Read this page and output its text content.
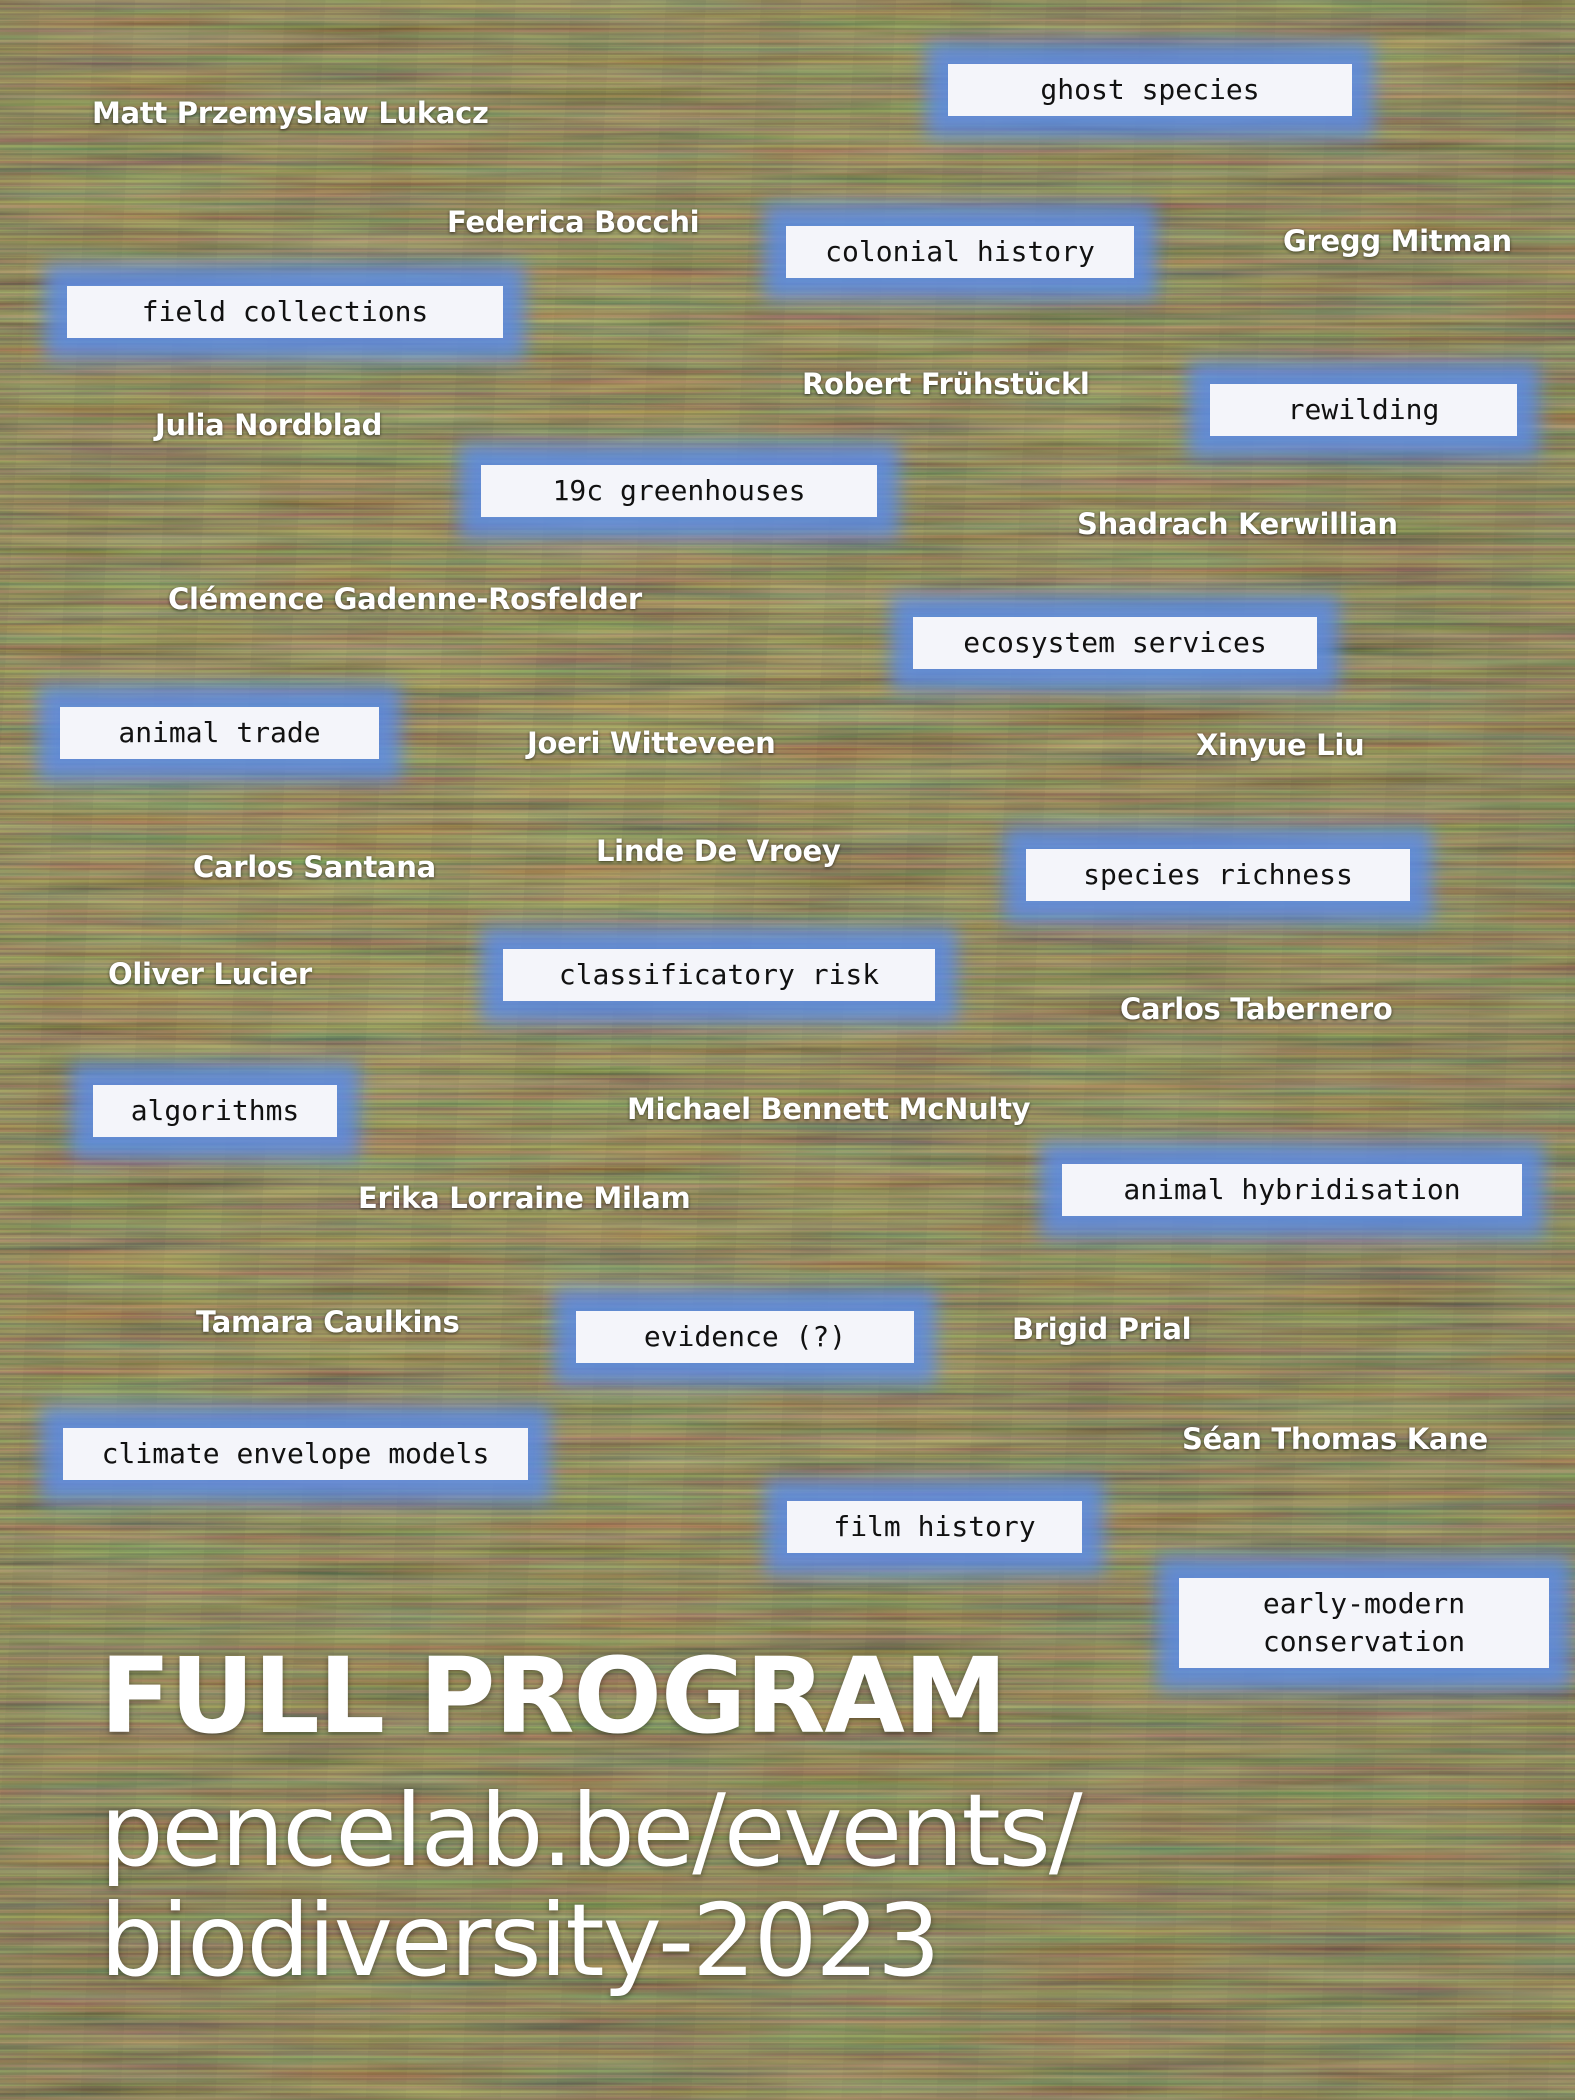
Matt Przemyslaw Lukacz
Federica Bocchi
Gregg Mitman
Robert Frühstückl
Julia Nordblad
Shadrach Kerwillian
Clémence Gadenne-Rosfelder
Joeri Witteveen	Xinyue Liu
Carlos Santana	Linde De Vroey
Oliver Lucier
Carlos Tabernero
Michael Bennett McNulty
Erika Lorraine Milam
Tamara Caulkins	Brigid Prial
Séan Thomas Kane
ghost species
colonial history
field collections
rewilding
19c greenhouses
ecosystem services
animal trade
species richness
classificatory risk
algorithms
animal hybridisation
evidence (?)
climate envelope models
film history
early-modern
conservation
FULL PROGRAM
pencelab.be/events/
biodiversity-2023
